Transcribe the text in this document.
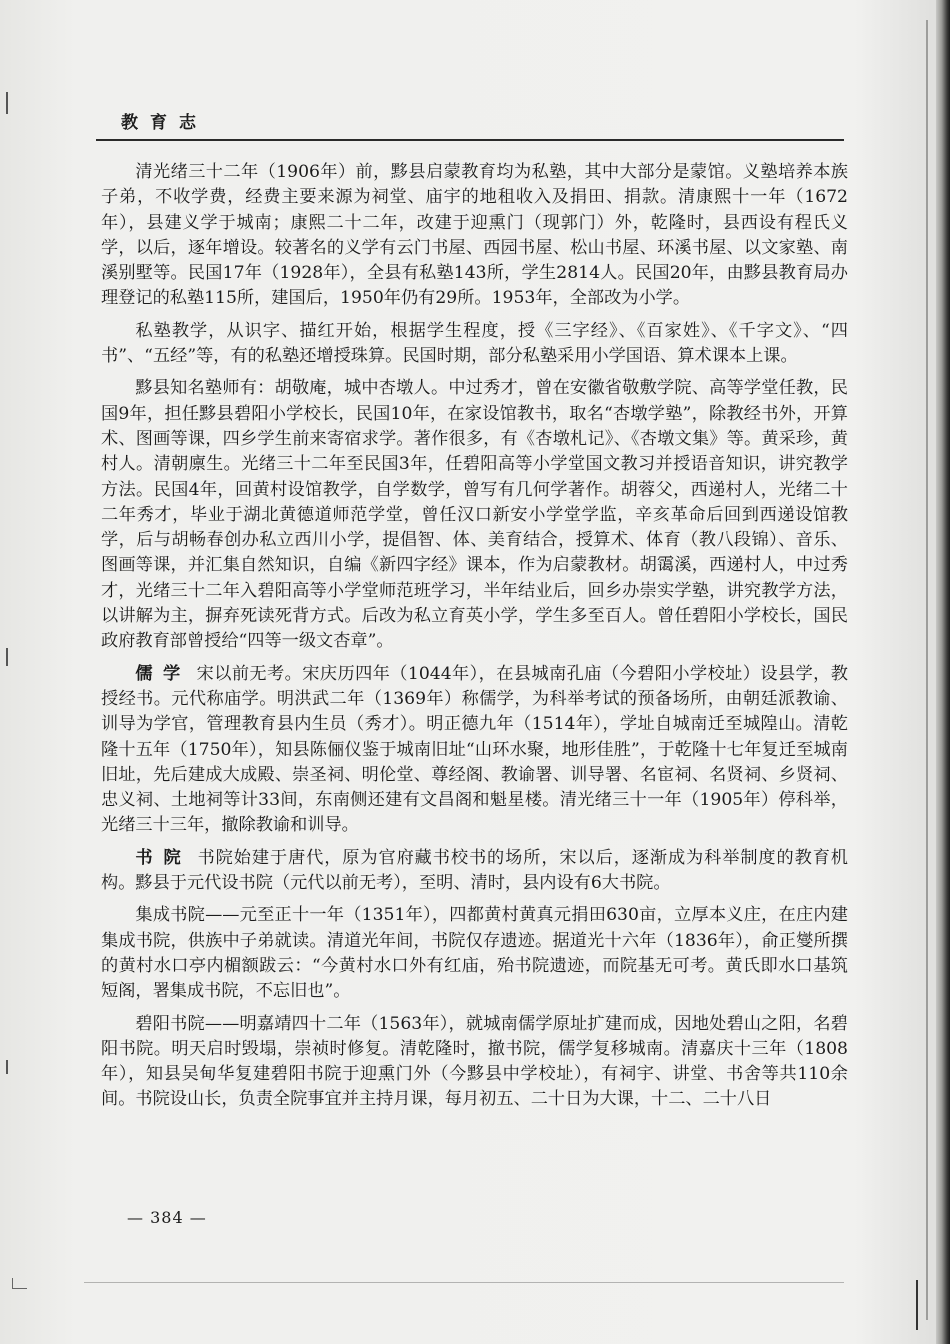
教育志

清光绪三十二年（1906年）前，黟县启蒙教育均为私塾，其中大部分是蒙馆。义塾培养本族子弟，不收学费，经费主要来源为祠堂、庙宇的地租收入及捐田、捐款。清康熙十一年（1672年），县建义学于城南；康熙二十二年，改建于迎熏门（现郭门）外，乾隆时，县西设有程氏义学，以后，逐年增设。较著名的义学有云门书屋、西园书屋、松山书屋、环溪书屋、以文家塾、南溪别墅等。民国17年（1928年），全县有私塾143所，学生2814人。民国20年，由黟县教育局办理登记的私塾115所，建国后，1950年仍有29所。1953年，全部改为小学。

私塾教学，从识字、描红开始，根据学生程度，授《三字经》、《百家姓》、《千字文》、“四书”、“五经”等，有的私塾还增授珠算。民国时期，部分私塾采用小学国语、算术课本上课。

黟县知名塾师有：胡敬庵，城中杏墩人。中过秀才，曾在安徽省敬敷学院、高等学堂任教，民国9年，担任黟县碧阳小学校长，民国10年，在家设馆教书，取名“杏墩学塾”，除教经书外，开算术、图画等课，四乡学生前来寄宿求学。著作很多，有《杏墩札记》、《杏墩文集》等。黄采珍，黄村人。清朝廪生。光绪三十二年至民国3年，任碧阳高等小学堂国文教习并授语音知识，讲究教学方法。民国4年，回黄村设馆教学，自学数学，曾写有几何学著作。胡蓉父，西递村人，光绪二十二年秀才，毕业于湖北黄德道师范学堂，曾任汉口新安小学堂学监，辛亥革命后回到西递设馆教学，后与胡畅春创办私立西川小学，提倡智、体、美育结合，授算术、体育（教八段锦）、音乐、图画等课，并汇集自然知识，自编《新四字经》课本，作为启蒙教材。胡霭溪，西递村人，中过秀才，光绪三十二年入碧阳高等小学堂师范班学习，半年结业后，回乡办崇实学塾，讲究教学方法，以讲解为主，摒弃死读死背方式。后改为私立育英小学，学生多至百人。曾任碧阳小学校长，国民政府教育部曾授给“四等一级文杏章”。

儒学 宋以前无考。宋庆历四年（1044年），在县城南孔庙（今碧阳小学校址）设县学，教授经书。元代称庙学。明洪武二年（1369年）称儒学，为科举考试的预备场所，由朝廷派教谕、训导为学官，管理教育县内生员（秀才）。明正德九年（1514年），学址自城南迁至城隍山。清乾隆十五年（1750年），知县陈俪仪鉴于城南旧址“山环水聚，地形佳胜”，于乾隆十七年复迁至城南旧址，先后建成大成殿、崇圣祠、明伦堂、尊经阁、教谕署、训导署、名宦祠、名贤祠、乡贤祠、忠义祠、土地祠等计33间，东南侧还建有文昌阁和魁星楼。清光绪三十一年（1905年）停科举，光绪三十三年，撤除教谕和训导。

书院 书院始建于唐代，原为官府藏书校书的场所，宋以后，逐渐成为科举制度的教育机构。黟县于元代设书院（元代以前无考），至明、清时，县内设有6大书院。

集成书院——元至正十一年（1351年），四都黄村黄真元捐田630亩，立厚本义庄，在庄内建集成书院，供族中子弟就读。清道光年间，书院仅存遗迹。据道光十六年（1836年），俞正燮所撰的黄村水口亭内楣额跋云：“今黄村水口外有红庙，殆书院遗迹，而院基无可考。黄氏即水口基筑短阁，署集成书院，不忘旧也”。

碧阳书院——明嘉靖四十二年（1563年），就城南儒学原址扩建而成，因地处碧山之阳，名碧阳书院。明天启时毁塌，崇祯时修复。清乾隆时，撤书院，儒学复移城南。清嘉庆十三年（1808年），知县吴甸华复建碧阳书院于迎熏门外（今黟县中学校址），有祠宇、讲堂、书舍等共110余间。书院设山长，负责全院事宜并主持月课，每月初五、二十日为大课，十二、二十八日

— 384 —
